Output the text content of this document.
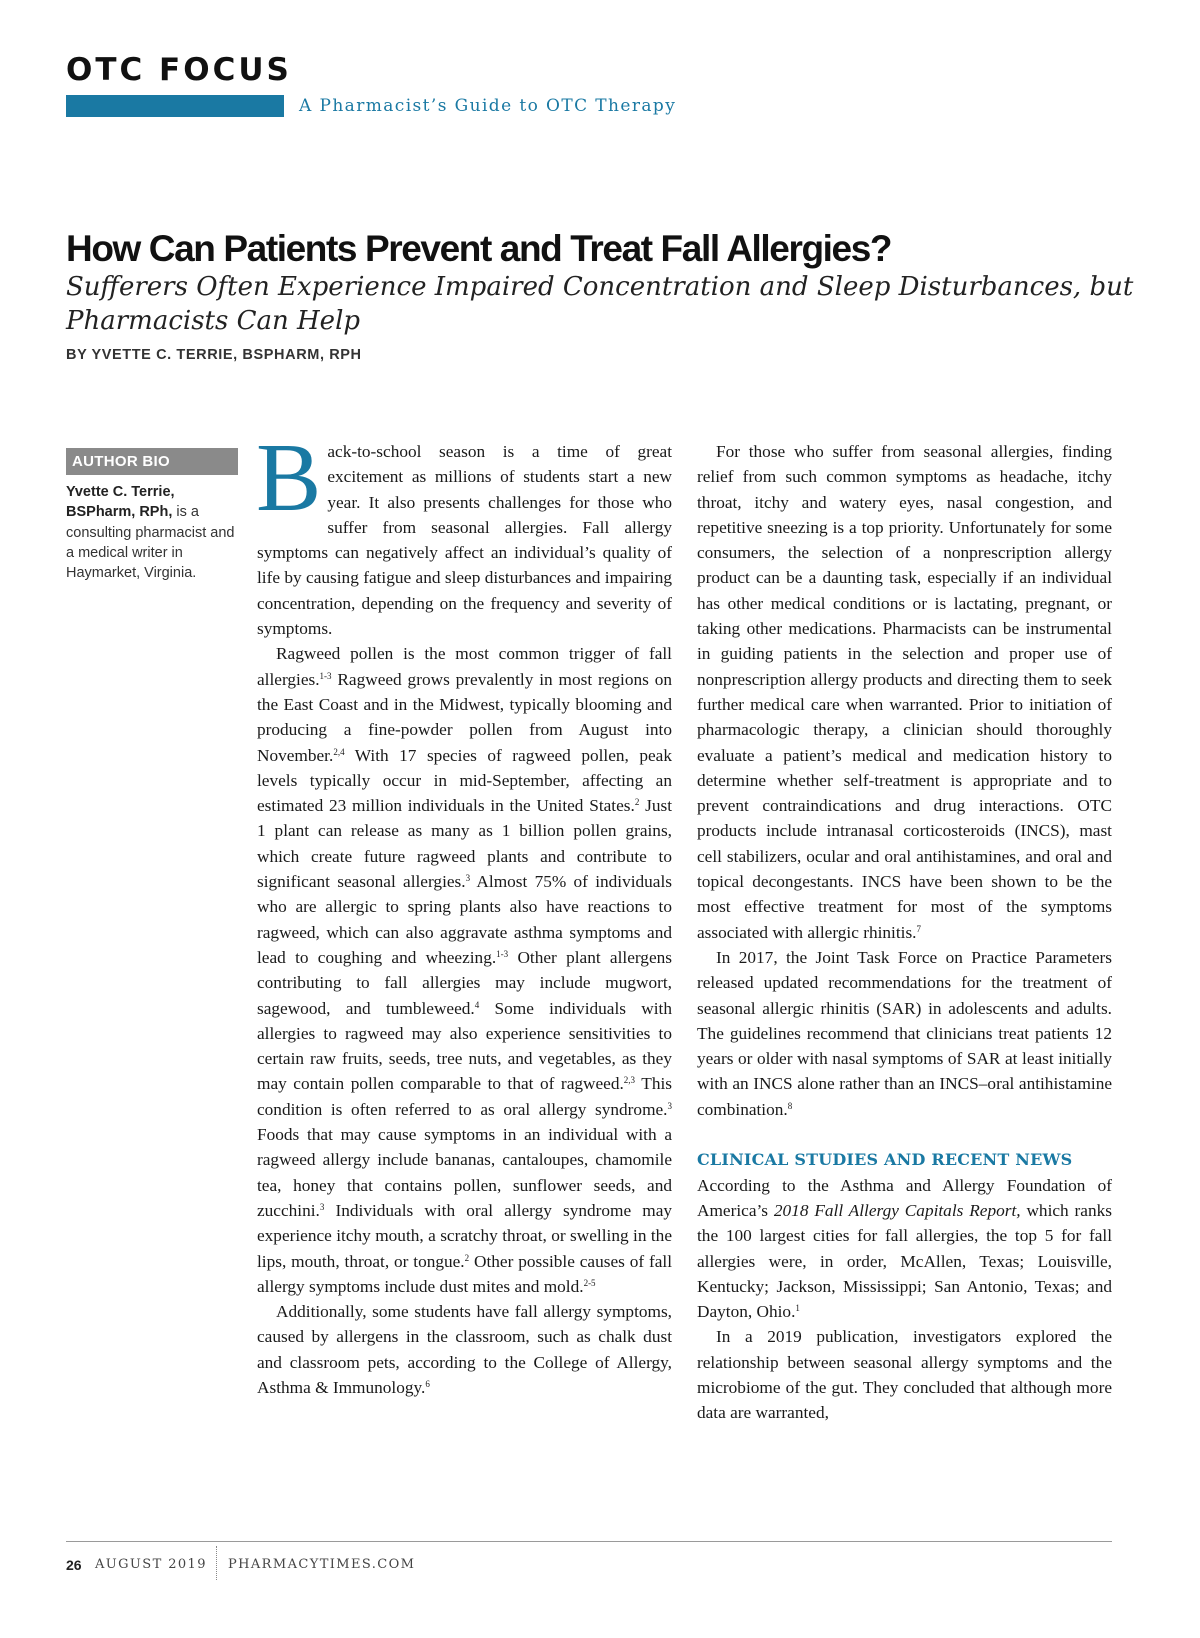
OTC FOCUS
A Pharmacist’s Guide to OTC Therapy
How Can Patients Prevent and Treat Fall Allergies?
Sufferers Often Experience Impaired Concentration and Sleep Disturbances, but Pharmacists Can Help
BY YVETTE C. TERRIE, BSPHARM, RPH
AUTHOR BIO
Yvette C. Terrie, BSPharm, RPh, is a consulting pharmacist and a medical writer in Haymarket, Virginia.

Back-to-school season is a time of great excitement as millions of students start a new year. It also presents challenges for those who suffer from seasonal allergies. Fall allergy symptoms can negatively affect an individual’s quality of life by causing fatigue and sleep disturbances and impairing concentration, depending on the frequency and severity of symptoms.

Ragweed pollen is the most common trigger of fall allergies.$^{1-3}$ Ragweed grows prevalently in most regions on the East Coast and in the Midwest, typically blooming and producing a fine-powder pollen from August into November.$^{2,4}$ With 17 species of ragweed pollen, peak levels typically occur in mid-September, affecting an estimated 23 million individuals in the United States.$^2$ Just 1 plant can release as many as 1 billion pollen grains, which create future ragweed plants and contribute to significant seasonal allergies.$^3$ Almost 75% of individuals who are allergic to spring plants also have reactions to ragweed, which can also aggravate asthma symptoms and lead to coughing and wheezing.$^{1-3}$ Other plant allergens contributing to fall allergies may include mugwort, sagewood, and tumbleweed.$^4$ Some individuals with allergies to ragweed may also experience sensitivities to certain raw fruits, seeds, tree nuts, and vegetables, as they may contain pollen comparable to that of ragweed.$^{2,3}$ This condition is often referred to as oral allergy syndrome.$^3$ Foods that may cause symptoms in an individual with a ragweed allergy include bananas, cantaloupes, chamomile tea, honey that contains pollen, sunflower seeds, and zucchini.$^3$ Individuals with oral allergy syndrome may experience itchy mouth, a scratchy throat, or swelling in the lips, mouth, throat, or tongue.$^2$ Other possible causes of fall allergy symptoms include dust mites and mold.$^{2-5}$

Additionally, some students have fall allergy symptoms, caused by allergens in the classroom, such as chalk dust and classroom pets, according to the College of Allergy, Asthma & Immunology.$^6$

For those who suffer from seasonal allergies, finding relief from such common symptoms as headache, itchy throat, itchy and watery eyes, nasal congestion, and repetitive sneezing is a top priority. Unfortunately for some consumers, the selection of a nonprescription allergy product can be a daunting task, especially if an individual has other medical conditions or is lactating, pregnant, or taking other medications. Pharmacists can be instrumental in guiding patients in the selection and proper use of nonprescription allergy products and directing them to seek further medical care when warranted. Prior to initiation of pharmacologic therapy, a clinician should thoroughly evaluate a patient’s medical and medication history to determine whether self-treatment is appropriate and to prevent contraindications and drug interactions. OTC products include intranasal corticosteroids (INCS), mast cell stabilizers, ocular and oral antihistamines, and oral and topical decongestants. INCS have been shown to be the most effective treatment for most of the symptoms associated with allergic rhinitis.$^7$

In 2017, the Joint Task Force on Practice Parameters released updated recommendations for the treatment of seasonal allergic rhinitis (SAR) in adolescents and adults. The guidelines recommend that clinicians treat patients 12 years or older with nasal symptoms of SAR at least initially with an INCS alone rather than an INCS–oral antihistamine combination.$^8$

CLINICAL STUDIES AND RECENT NEWS

According to the Asthma and Allergy Foundation of America’s 2018 Fall Allergy Capitals Report, which ranks the 100 largest cities for fall allergies, the top 5 for fall allergies were, in order, McAllen, Texas; Louisville, Kentucky; Jackson, Mississippi; San Antonio, Texas; and Dayton, Ohio.$^1$

In a 2019 publication, investigators explored the relationship between seasonal allergy symptoms and the microbiome of the gut. They concluded that although more data are warranted,

26 AUGUST 2019 PHARMACYTIMES.COM
